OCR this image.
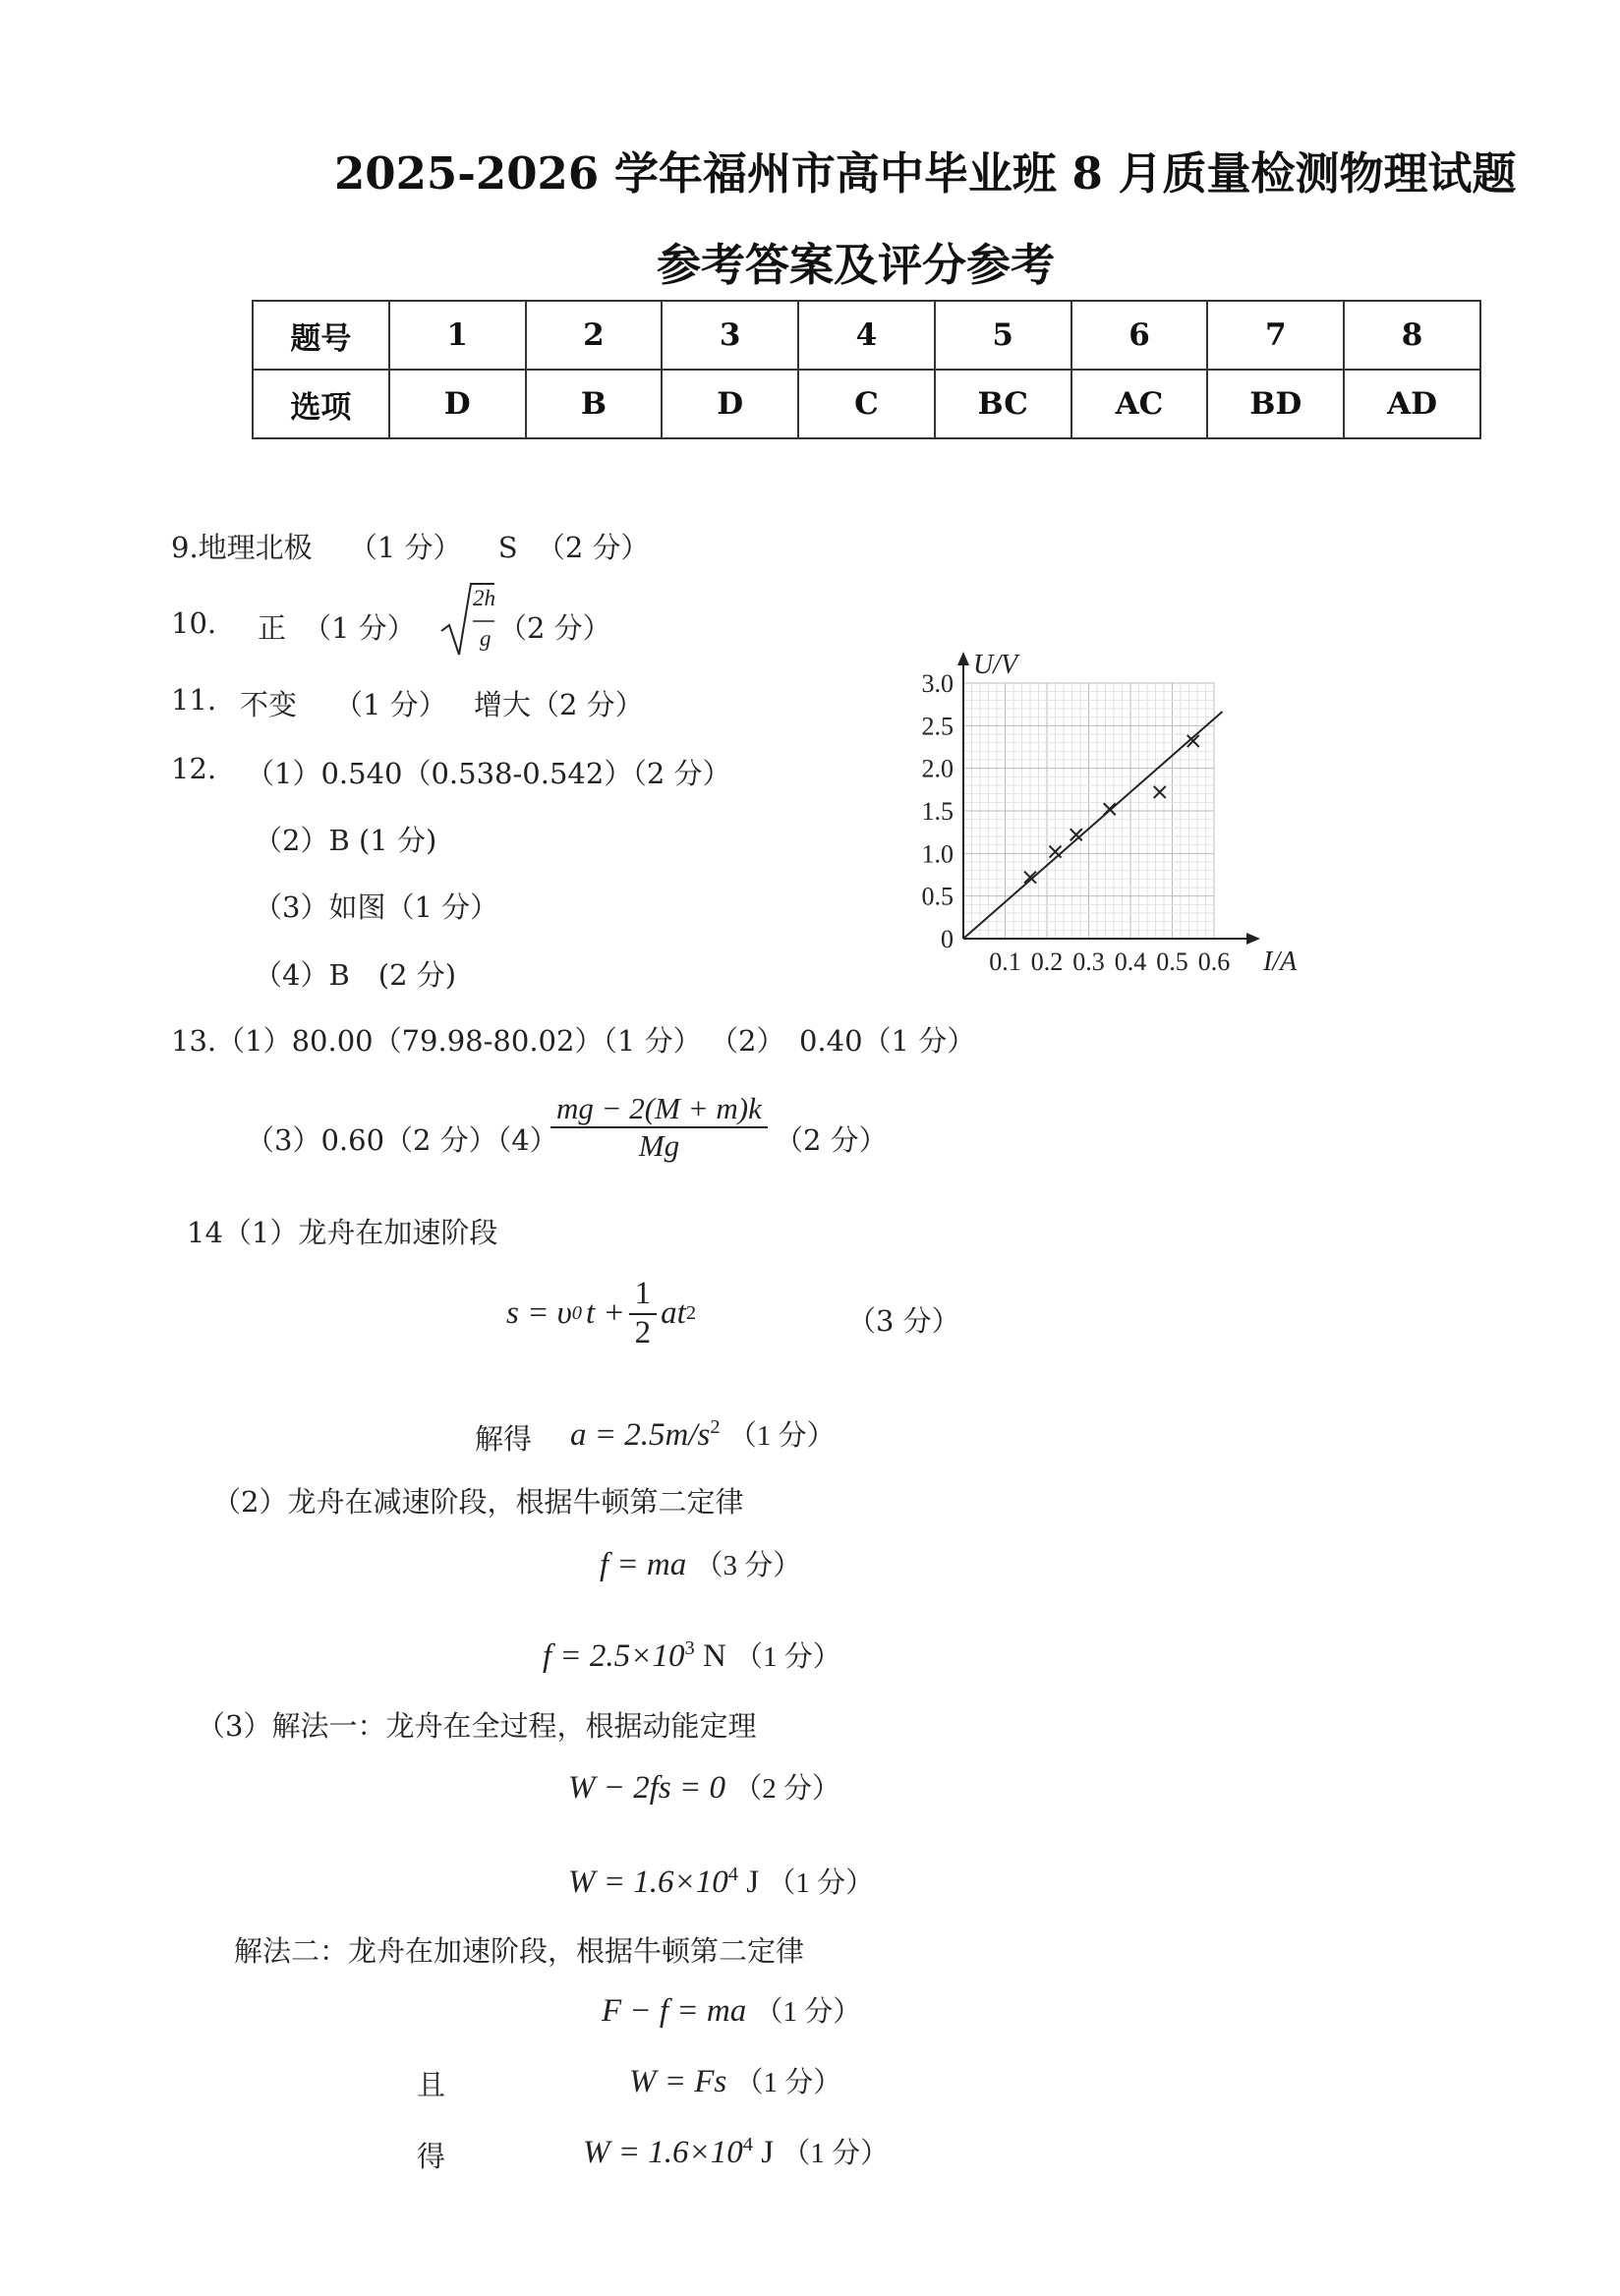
2025-2026 学年福州市高中毕业班 8 月质量检测物理试题
参考答案及评分参考
题号	1	2	3	4	5	6	7	8
选项	D	B	D	C	BC	AC	BD	AD
9.地理北极 （1 分） S （2 分）
10. 正 （1 分）
2h
g （2 分）
11. 不变 （1 分） 增大（2 分）
12. （1）0.540（0.538-0.542）（2 分）
（2）B (1 分)
（3）如图（1 分）
（4）B　(2 分)
0
0.5
1.0
1.5
2.0
2.5
3.0
0.1 0.2 0.3 0.4 0.5 0.6
U/V
I/A
13.（1）80.00（79.98-80.02）（1 分） （2）　0.40（1 分）
（3）0.60（2 分）（4）
$\frac{mg - 2(M + m)k}{Mg} (2$ 分）
14（1）龙舟在加速阶段
s = υ 0 $t + \frac{1}{2}$ at 2	（3 分）
解得 $a = 2.5m/s^2$ （1 分）
（2）龙舟在减速阶段，根据牛顿第二定律
f = ma （3 分）
$f = 2.5\times 10^3$ N （1 分）
（3）解法一：龙舟在全过程，根据动能定理
W − 2fs = 0 （2 分）
$W = 1.6\times 10^4$ J （1 分）
解法二：龙舟在加速阶段，根据牛顿第二定律
F − f = ma （1 分）
且	W = Fs （1 分）
得	$W = 1.6\times 10^4$ J （1 分）
